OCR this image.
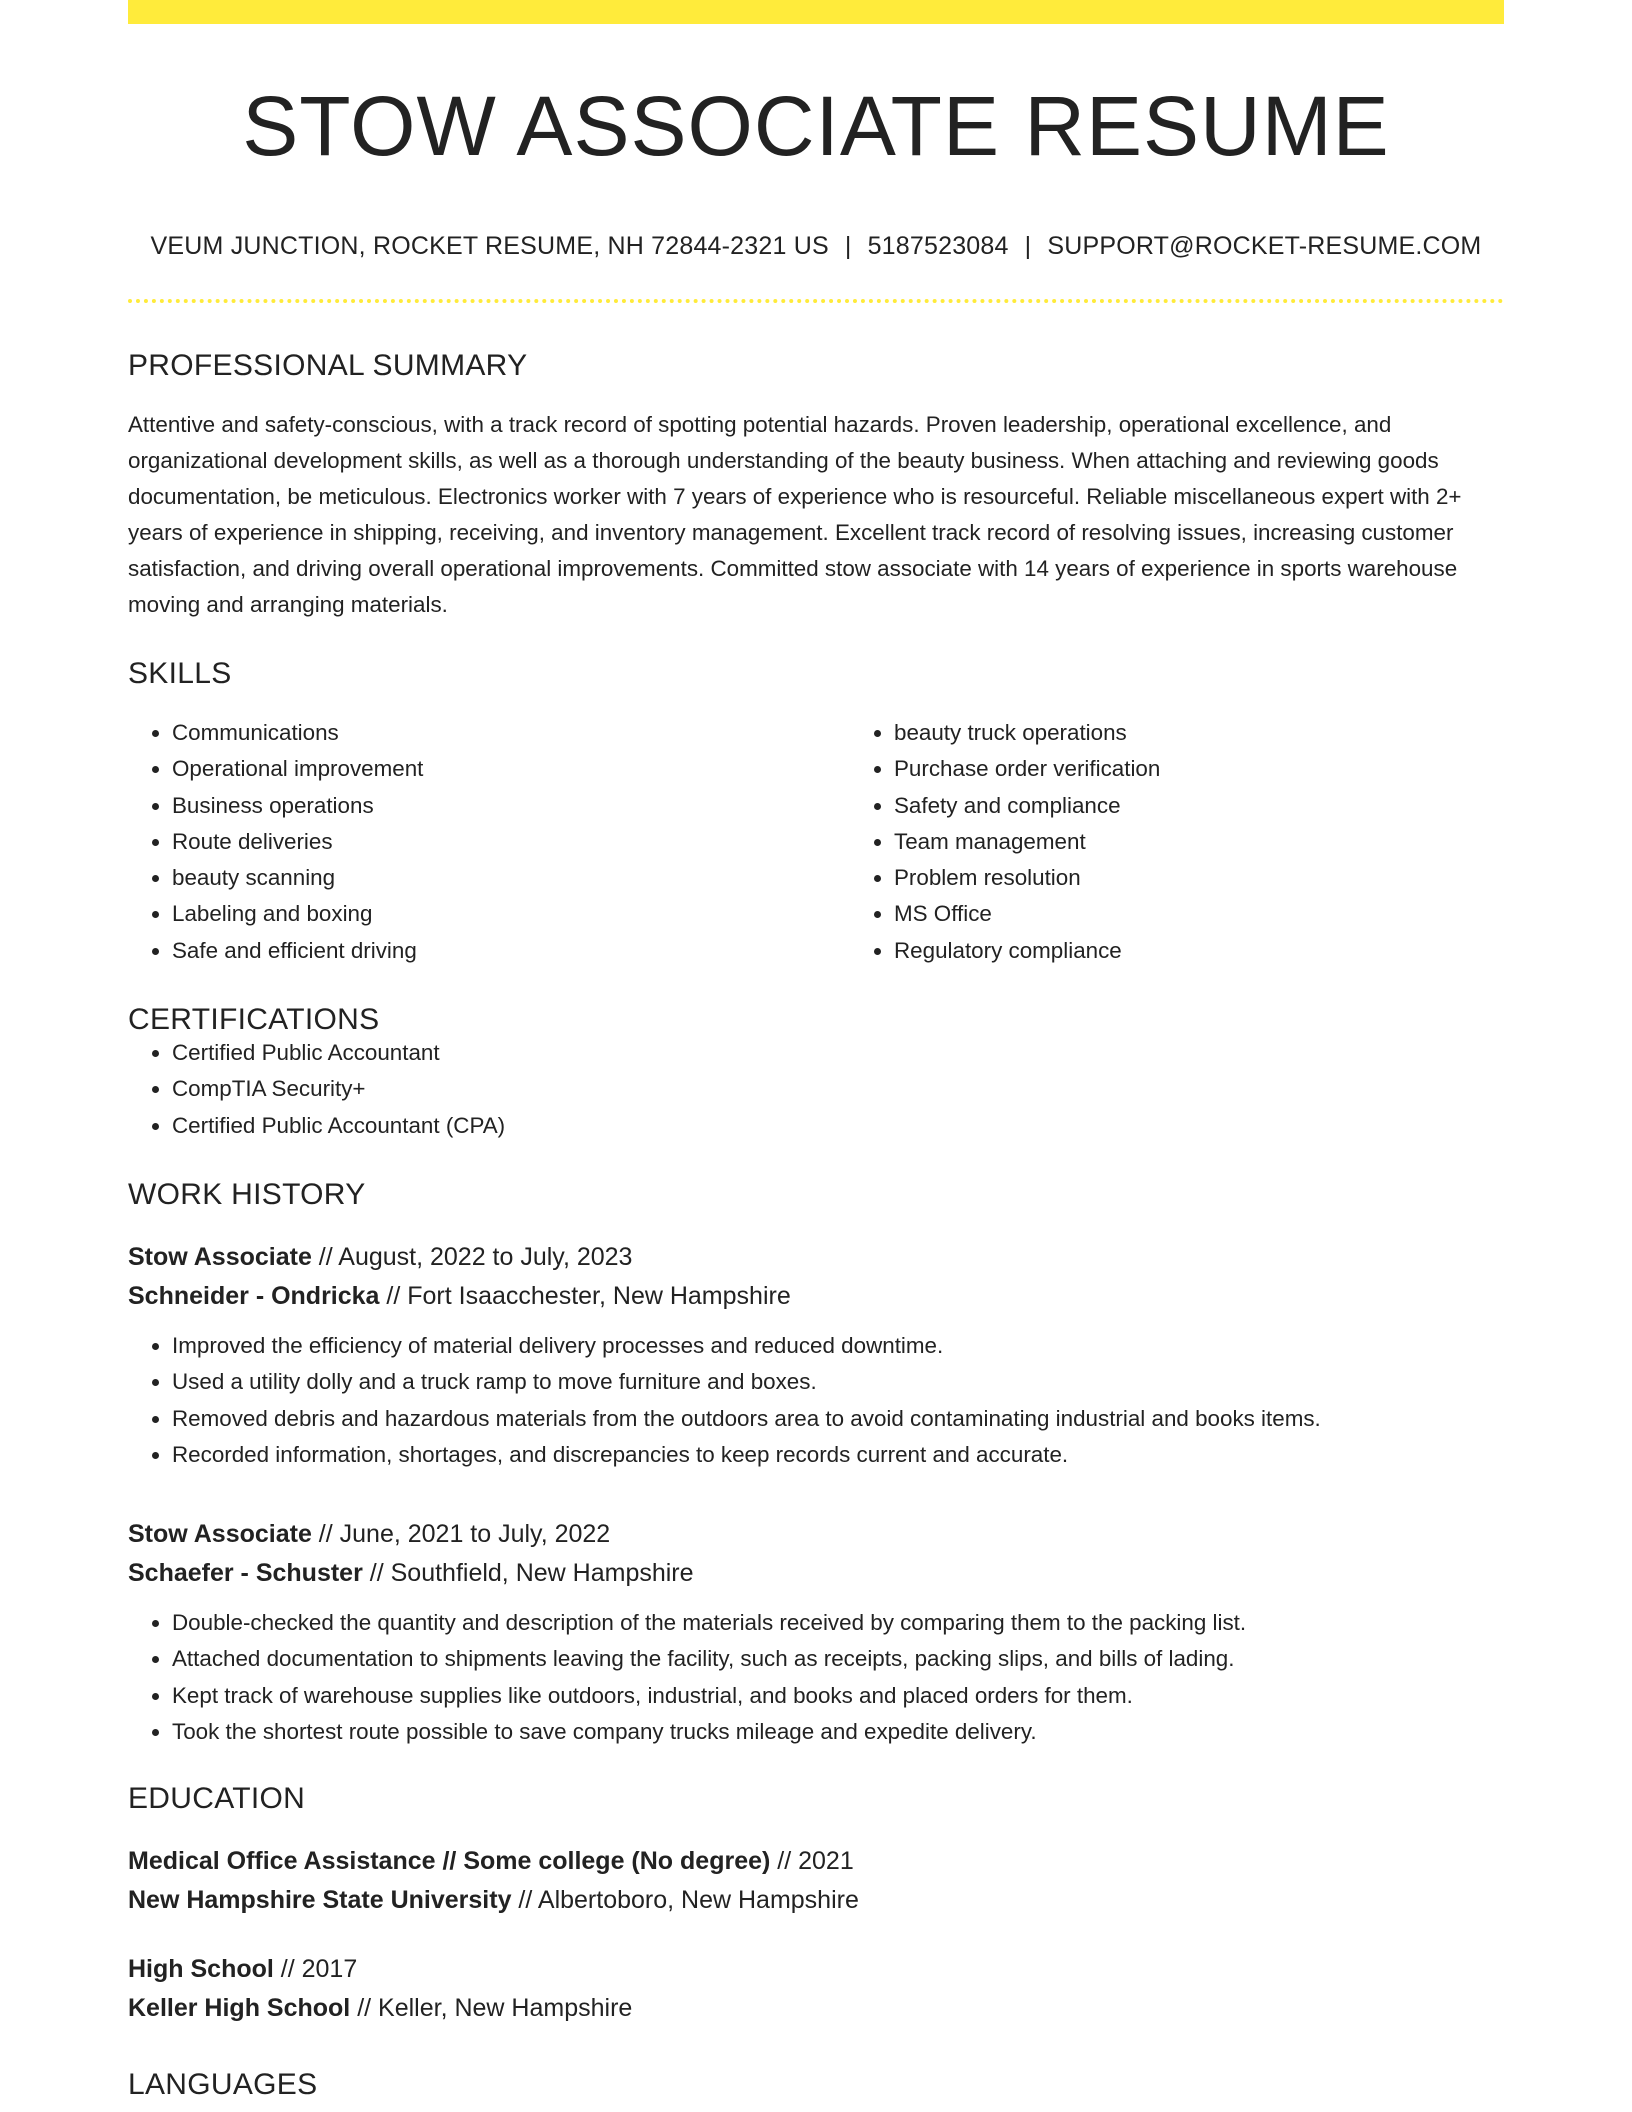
STOW ASSOCIATE RESUME
VEUM JUNCTION, ROCKET RESUME, NH 72844-2321 US | 5187523084 | SUPPORT@ROCKET-RESUME.COM
PROFESSIONAL SUMMARY

Attentive and safety-conscious, with a track record of spotting potential hazards. Proven leadership, operational excellence, and organizational development skills, as well as a thorough understanding of the beauty business. When attaching and reviewing goods documentation, be meticulous. Electronics worker with 7 years of experience who is resourceful. Reliable miscellaneous expert with 2+ years of experience in shipping, receiving, and inventory management. Excellent track record of resolving issues, increasing customer satisfaction, and driving overall operational improvements. Committed stow associate with 14 years of experience in sports warehouse moving and arranging materials.

SKILLS
• Communications
• Operational improvement
• Business operations
• Route deliveries
• beauty scanning
• Labeling and boxing
• Safe and efficient driving
• beauty truck operations
• Purchase order verification
• Safety and compliance
• Team management
• Problem resolution
• MS Office
• Regulatory compliance
CERTIFICATIONS
• Certified Public Accountant
• CompTIA Security+
• Certified Public Accountant (CPA)
WORK HISTORY
Stow Associate // August, 2022 to July, 2023
Schneider - Ondricka // Fort Isaacchester, New Hampshire
• Improved the efficiency of material delivery processes and reduced downtime.
• Used a utility dolly and a truck ramp to move furniture and boxes.
• Removed debris and hazardous materials from the outdoors area to avoid contaminating industrial and books items.
• Recorded information, shortages, and discrepancies to keep records current and accurate.
Stow Associate // June, 2021 to July, 2022
Schaefer - Schuster // Southfield, New Hampshire
• Double-checked the quantity and description of the materials received by comparing them to the packing list.
• Attached documentation to shipments leaving the facility, such as receipts, packing slips, and bills of lading.
• Kept track of warehouse supplies like outdoors, industrial, and books and placed orders for them.
• Took the shortest route possible to save company trucks mileage and expedite delivery.
EDUCATION
Medical Office Assistance // Some college (No degree) // 2021
New Hampshire State University // Albertoboro, New Hampshire
High School // 2017
Keller High School // Keller, New Hampshire
LANGUAGES
